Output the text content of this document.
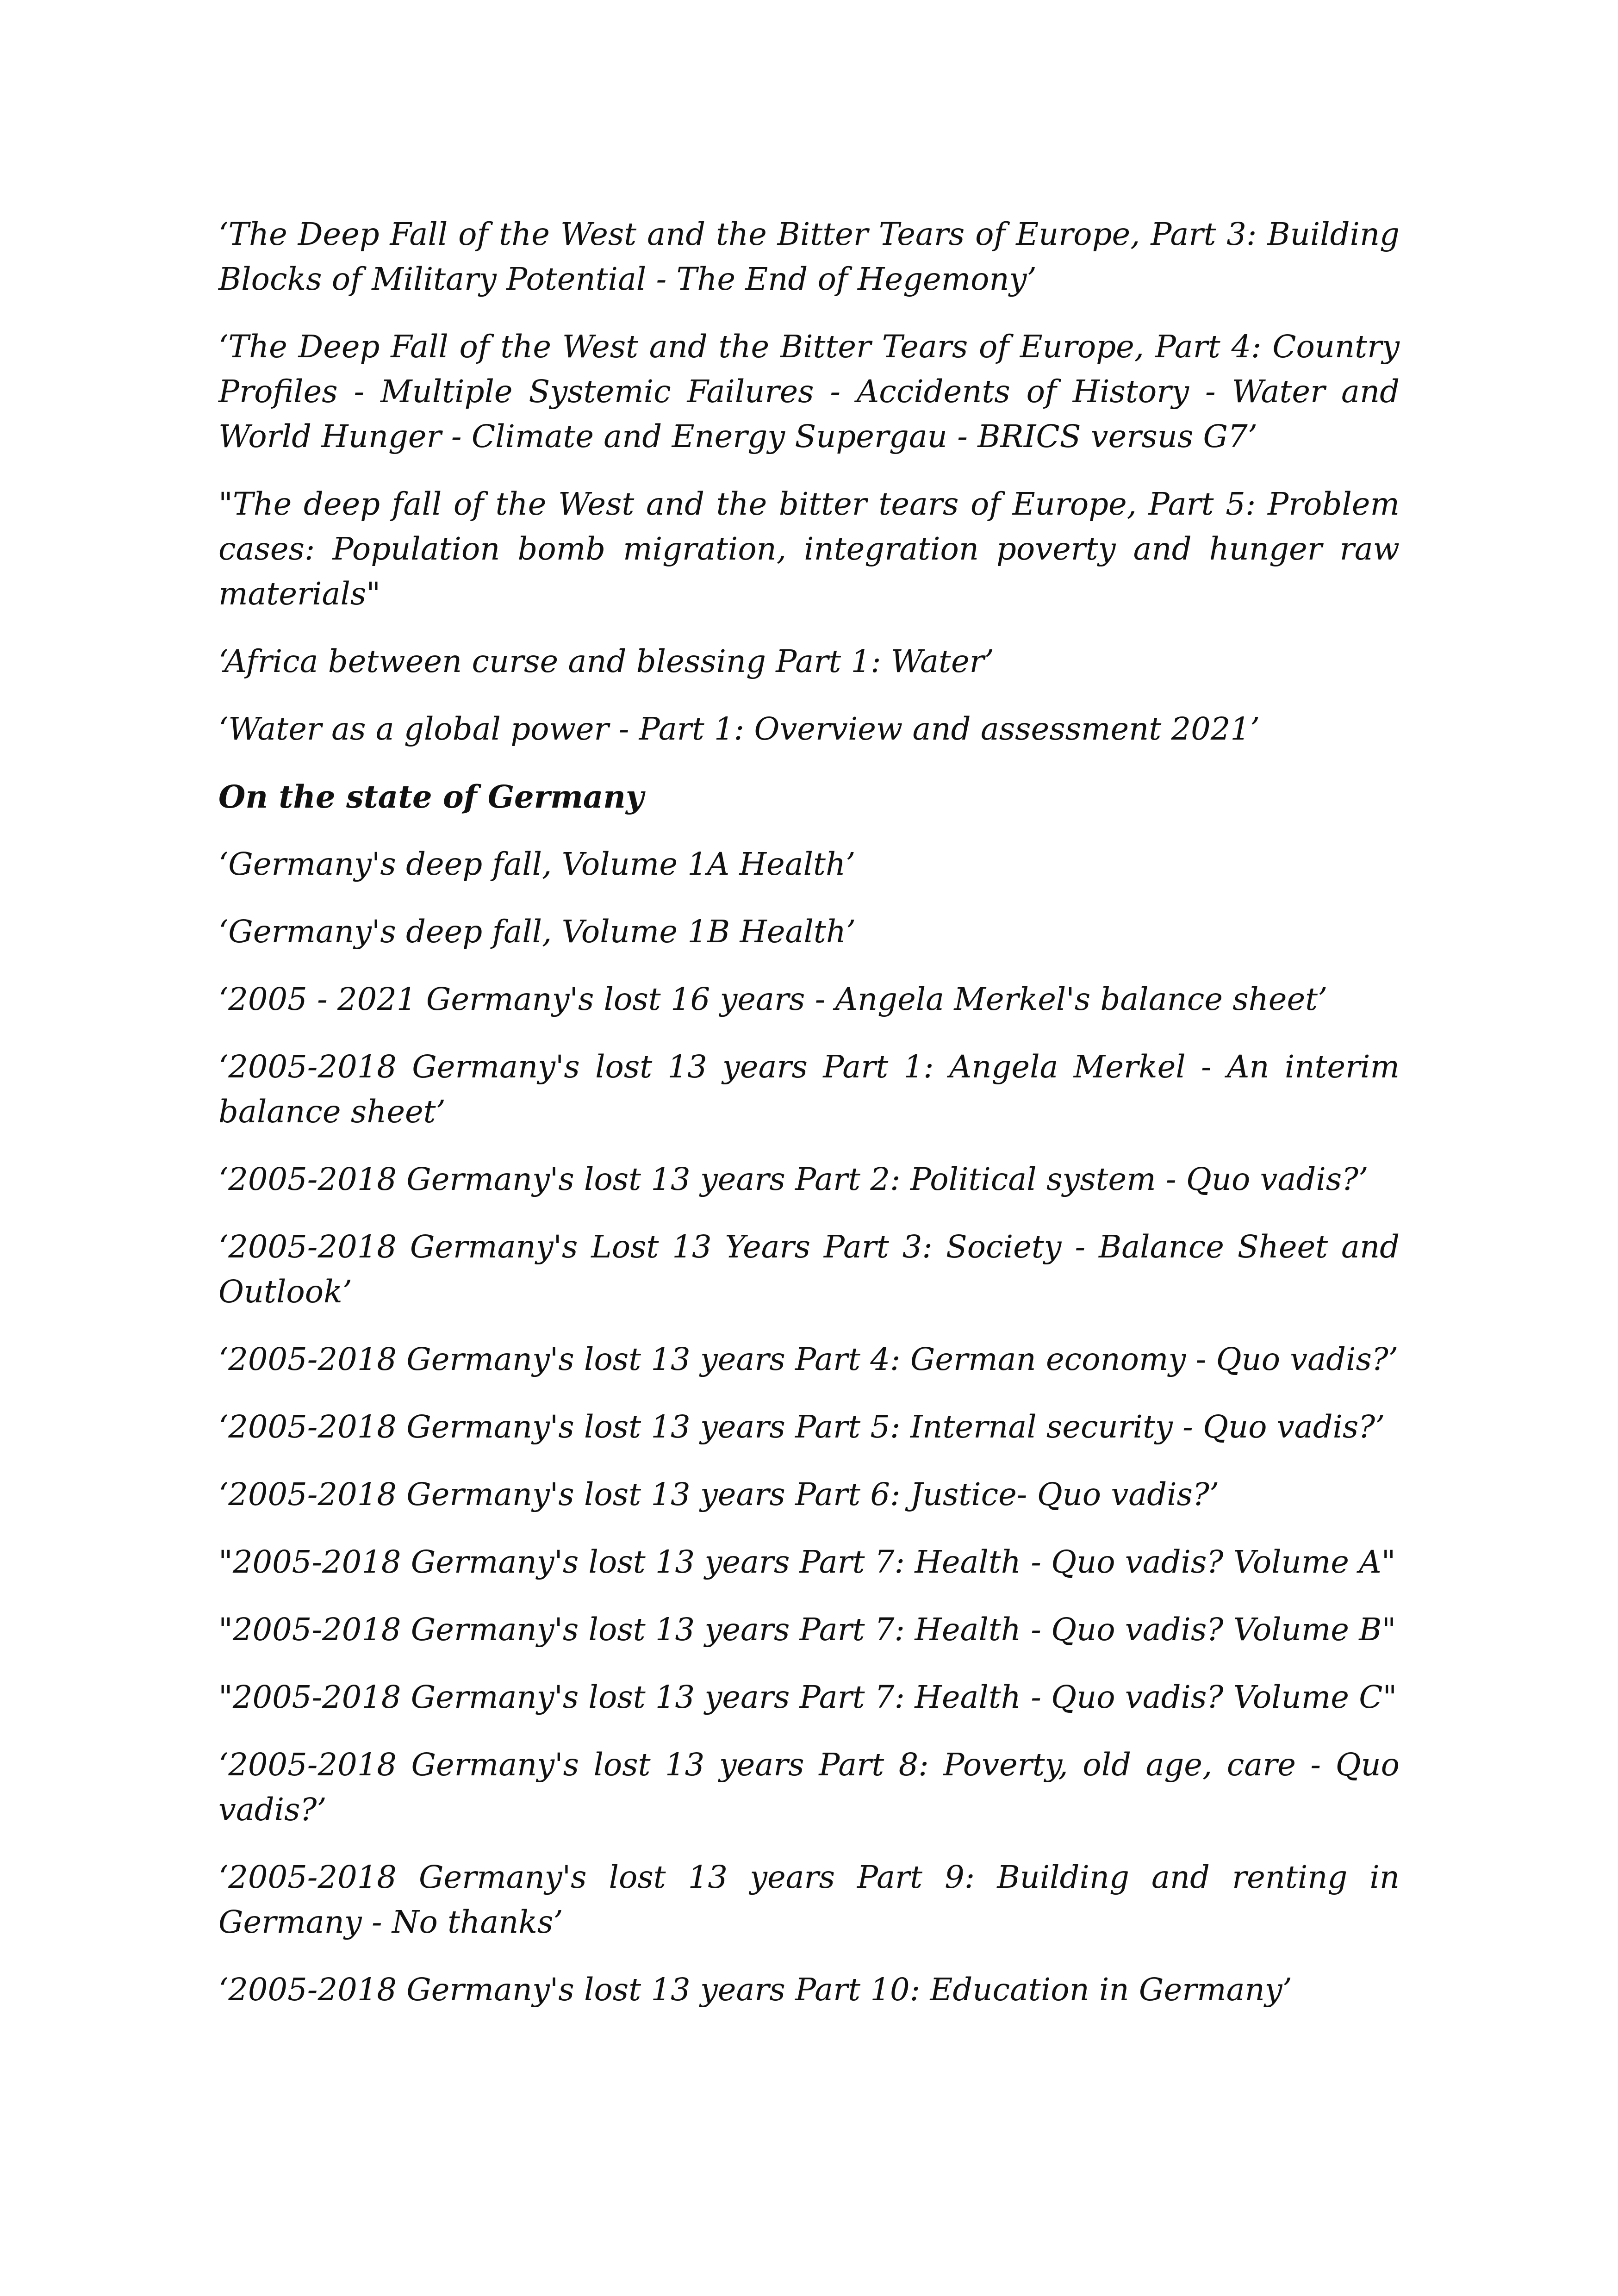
‘The Deep Fall of the West and the Bitter Tears of Europe, Part 3: Building Blocks of Military Potential - The End of Hegemony’

‘The Deep Fall of the West and the Bitter Tears of Europe, Part 4: Country Profiles - Multiple Systemic Failures - Accidents of History - Water and World Hunger - Climate and Energy Supergau - BRICS versus G7’

"The deep fall of the West and the bitter tears of Europe, Part 5: Problem cases: Population bomb migration, integration poverty and hunger raw materials"

‘Africa between curse and blessing Part 1: Water’

‘Water as a global power - Part 1: Overview and assessment 2021’

On the state of Germany

‘Germany's deep fall, Volume 1A Health’

‘Germany's deep fall, Volume 1B Health’

‘2005 - 2021 Germany's lost 16 years - Angela Merkel's balance sheet’

‘2005-2018 Germany's lost 13 years Part 1: Angela Merkel - An interim balance sheet’

‘2005-2018 Germany's lost 13 years Part 2: Political system - Quo vadis?’

‘2005-2018 Germany's Lost 13 Years Part 3: Society - Balance Sheet and Outlook’

‘2005-2018 Germany's lost 13 years Part 4: German economy - Quo vadis?’

‘2005-2018 Germany's lost 13 years Part 5: Internal security - Quo vadis?’

‘2005-2018 Germany's lost 13 years Part 6: Justice- Quo vadis?’

"2005-2018 Germany's lost 13 years Part 7: Health - Quo vadis? Volume A"

"2005-2018 Germany's lost 13 years Part 7: Health - Quo vadis? Volume B"

"2005-2018 Germany's lost 13 years Part 7: Health - Quo vadis? Volume C"

‘2005-2018 Germany's lost 13 years Part 8: Poverty, old age, care - Quo vadis?’

‘2005-2018 Germany's lost 13 years Part 9: Building and renting in Germany - No thanks’

‘2005-2018 Germany's lost 13 years Part 10: Education in Germany’
